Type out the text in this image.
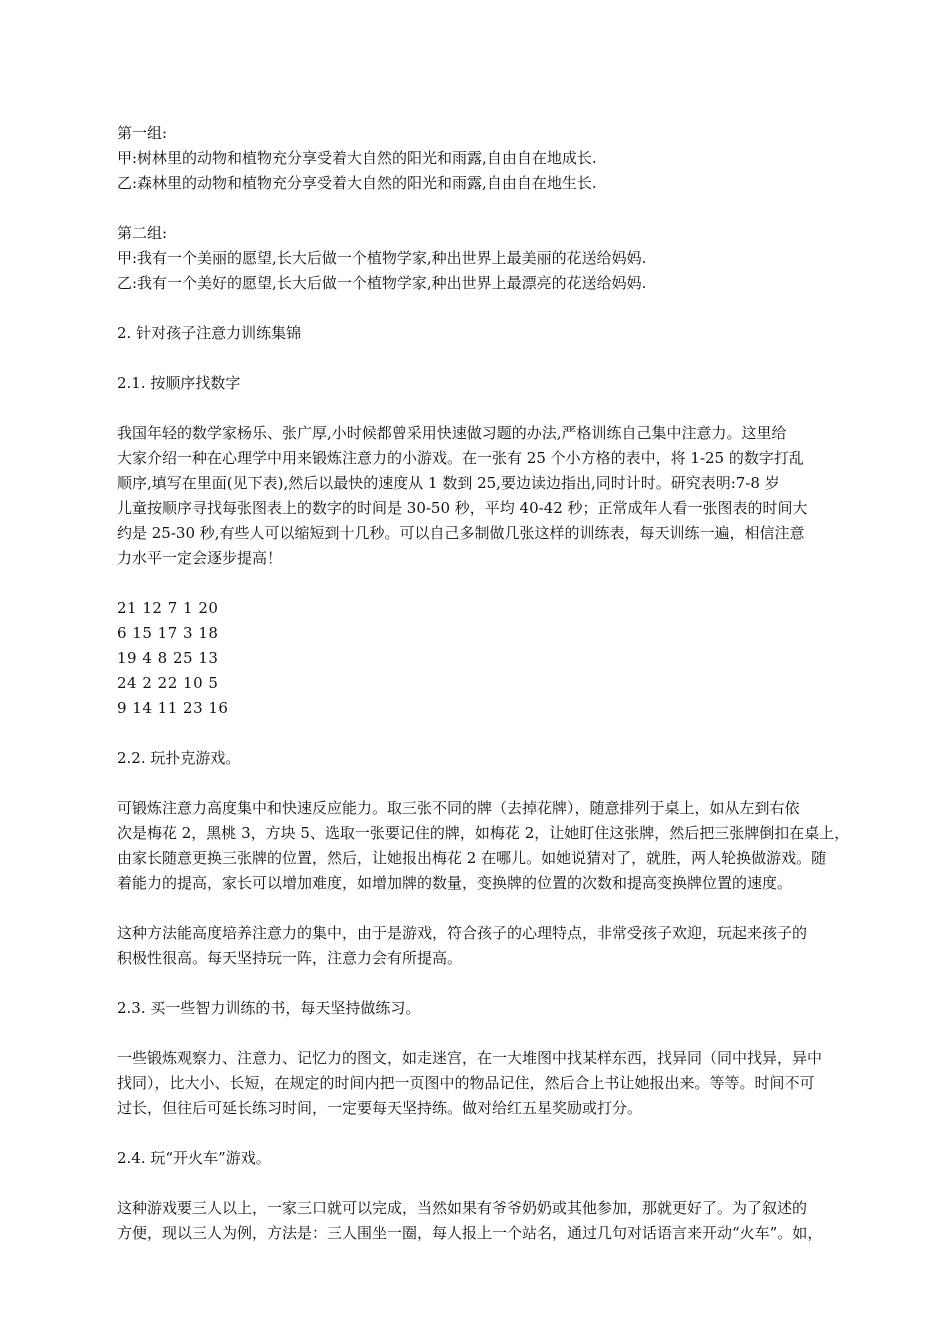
第一组:

甲:树林里的动物和植物充分享受着大自然的阳光和雨露,自由自在地成长.

乙:森林里的动物和植物充分享受着大自然的阳光和雨露,自由自在地生长.

第二组:

甲:我有一个美丽的愿望,长大后做一个植物学家,种出世界上最美丽的花送给妈妈.

乙:我有一个美好的愿望,长大后做一个植物学家,种出世界上最漂亮的花送给妈妈.

2. 针对孩子注意力训练集锦

2.1. 按顺序找数字

我国年轻的数学家杨乐、张广厚,小时候都曾采用快速做习题的办法,严格训练自己集中注意力。这里给

大家介绍一种在心理学中用来锻炼注意力的小游戏。在一张有 25 个小方格的表中，将 1-25 的数字打乱

顺序,填写在里面(见下表),然后以最快的速度从 1 数到 25,要边读边指出,同时计时。研究表明:7-8 岁

儿童按顺序寻找每张图表上的数字的时间是 30-50 秒，平均 40-42 秒；正常成年人看一张图表的时间大

约是 25-30 秒,有些人可以缩短到十几秒。可以自己多制做几张这样的训练表，每天训练一遍，相信注意

力水平一定会逐步提高！

21 12 7 1 20

6 15 17 3 18

19 4 8 25 13

24 2 22 10 5

9 14 11 23 16

2.2. 玩扑克游戏。

可锻炼注意力高度集中和快速反应能力。取三张不同的牌（去掉花牌），随意排列于桌上，如从左到右依

次是梅花 2，黑桃 3，方块 5、选取一张要记住的牌，如梅花 2，让她盯住这张牌，然后把三张牌倒扣在桌上，

由家长随意更换三张牌的位置，然后，让她报出梅花 2 在哪儿。如她说猜对了，就胜，两人轮换做游戏。随

着能力的提高，家长可以增加难度，如增加牌的数量，变换牌的位置的次数和提高变换牌位置的速度。

这种方法能高度培养注意力的集中，由于是游戏，符合孩子的心理特点，非常受孩子欢迎，玩起来孩子的

积极性很高。每天坚持玩一阵，注意力会有所提高。

2.3. 买一些智力训练的书，每天坚持做练习。

一些锻炼观察力、注意力、记忆力的图文，如走迷宫，在一大堆图中找某样东西，找异同（同中找异，异中

找同），比大小、长短，在规定的时间内把一页图中的物品记住，然后合上书让她报出来。等等。时间不可

过长，但往后可延长练习时间，一定要每天坚持练。做对给红五星奖励或打分。

2.4. 玩“开火车”游戏。

这种游戏要三人以上，一家三口就可以完成，当然如果有爷爷奶奶或其他参加，那就更好了。为了叙述的

方便，现以三人为例，方法是：三人围坐一圈，每人报上一个站名，通过几句对话语言来开动“火车”。如，
